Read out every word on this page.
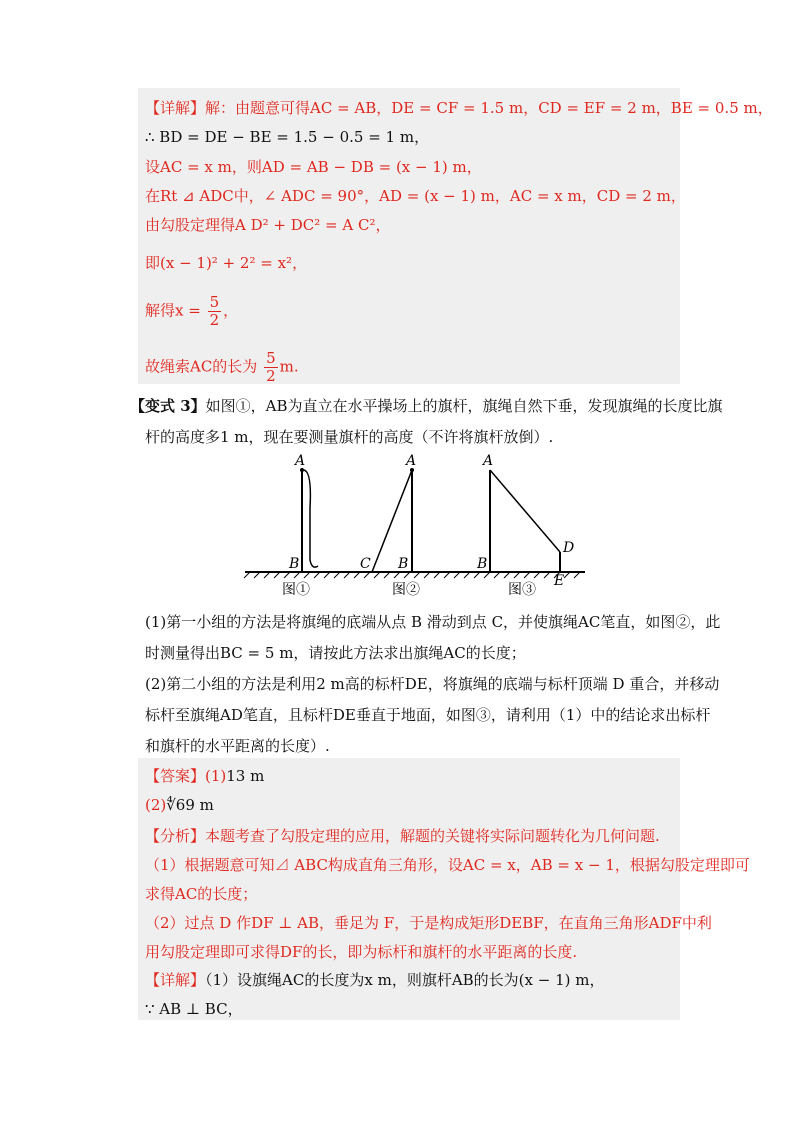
【详解】解：由题意可得AC = AB，DE = CF = 1.5 m，CD = EF = 2 m，BE = 0.5 m，
∴ BD = DE − BE = 1.5 − 0.5 = 1 m，
设AC = x m，则AD = AB − DB = (x − 1) m，
在Rt ⊿ ADC中，∠ ADC = 90°，AD = (x − 1) m，AC = x m，CD = 2 m，
由勾股定理得A D² + DC² = A C²，
即(x − 1)² + 2² = x²，
解得$x = \frac{5}{2}$ ，
故绳索AC的长为 $\frac{5}{2} m$.
【变式 3】如图①，AB为直立在水平操场上的旗杆，旗绳自然下垂，发现旗绳的长度比旗
杆的高度多1 m，现在要测量旗杆的高度（不许将旗杆放倒）.
A
B
图①
A
C B
图②
A
B
D
E
图③
(1)第一小组的方法是将旗绳的底端从点 B 滑动到点 C，并使旗绳AC笔直，如图②，此
时测量得出BC = 5 m，请按此方法求出旗绳AC的长度；
(2)第二小组的方法是利用2 m高的标杆DE，将旗绳的底端与标杆顶端 D 重合，并移动
标杆至旗绳AD笔直，且标杆DE垂直于地面，如图③，请利用（1）中的结论求出标杆
和旗杆的水平距离的长度）.
【答案】(1)13 m
(2)∜69 m
【分析】本题考查了勾股定理的应用，解题的关键将实际问题转化为几何问题.
（1）根据题意可知⊿ ABC构成直角三角形，设AC = x，AB = x − 1，根据勾股定理即可
求得AC的长度；
（2）过点 D 作DF ⊥ AB，垂足为 F，于是构成矩形DEBF，在直角三角形ADF中利
用勾股定理即可求得DF的长，即为标杆和旗杆的水平距离的长度.
【详解】（1）设旗绳AC的长度为x m，则旗杆AB的长为(x − 1) m，
∵ AB ⊥ BC，
